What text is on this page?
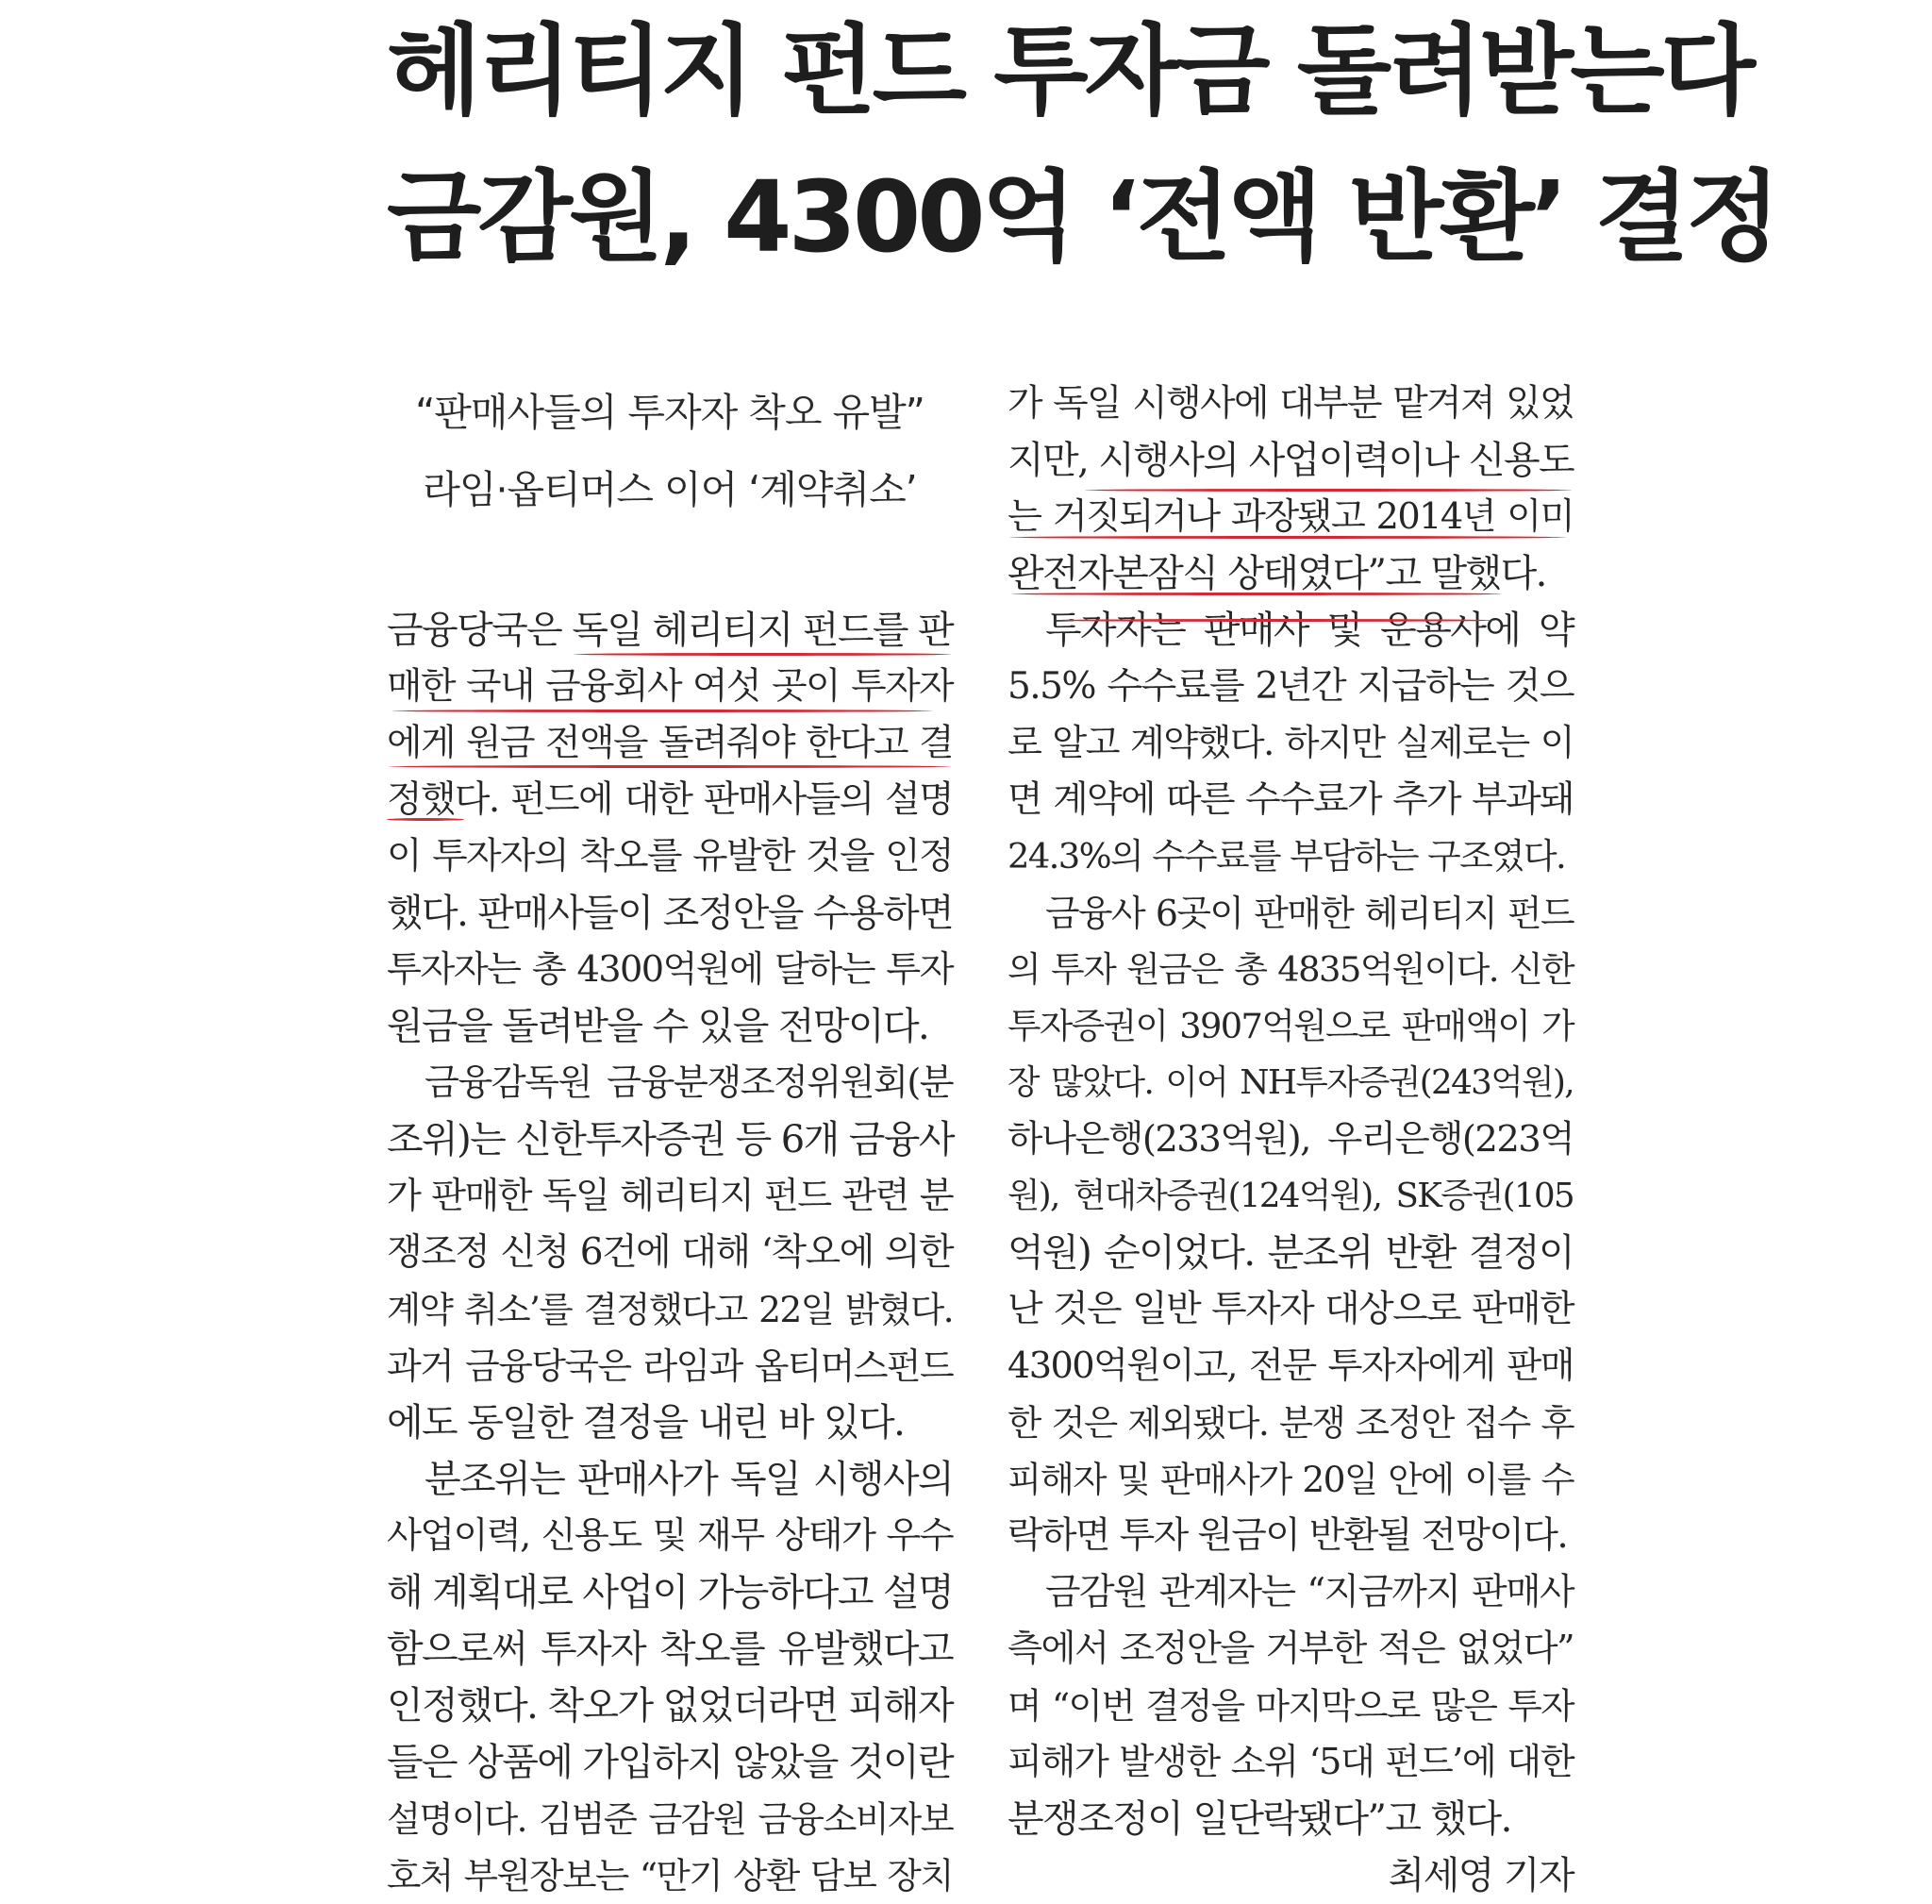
헤리티지 펀드 투자금 돌려받는다
금감원, 4300억 ‘전액 반환’ 결정
“판매사들의 투자자 착오 유발”
라임·옵티머스 이어 ‘계약취소’
금융당국은 독일 헤리티지 펀드를 판
매한 국내 금융회사 여섯 곳이 투자자
에게 원금 전액을 돌려줘야 한다고 결
정했다. 펀드에 대한 판매사들의 설명
이 투자자의 착오를 유발한 것을 인정
했다. 판매사들이 조정안을 수용하면
투자자는 총 4300억원에 달하는 투자
원금을 돌려받을 수 있을 전망이다.
금융감독원 금융분쟁조정위원회(분
조위)는 신한투자증권 등 6개 금융사
가 판매한 독일 헤리티지 펀드 관련 분
쟁조정 신청 6건에 대해 ‘착오에 의한
계약 취소’를 결정했다고 22일 밝혔다.
과거 금융당국은 라임과 옵티머스펀드
에도 동일한 결정을 내린 바 있다.
분조위는 판매사가 독일 시행사의
사업이력, 신용도 및 재무 상태가 우수
해 계획대로 사업이 가능하다고 설명
함으로써 투자자 착오를 유발했다고
인정했다. 착오가 없었더라면 피해자
들은 상품에 가입하지 않았을 것이란
설명이다. 김범준 금감원 금융소비자보
호처 부원장보는 “만기 상환 담보 장치
가 독일 시행사에 대부분 맡겨져 있었
지만, 시행사의 사업이력이나 신용도
는 거짓되거나 과장됐고 2014년 이미
완전자본잠식 상태였다”고 말했다.
투자자는 판매사 및 운용사에 약
5.5% 수수료를 2년간 지급하는 것으
로 알고 계약했다. 하지만 실제로는 이
면 계약에 따른 수수료가 추가 부과돼
24.3%의 수수료를 부담하는 구조였다.
금융사 6곳이 판매한 헤리티지 펀드
의 투자 원금은 총 4835억원이다. 신한
투자증권이 3907억원으로 판매액이 가
장 많았다. 이어 NH투자증권(243억원),
하나은행(233억원), 우리은행(223억
원), 현대차증권(124억원), SK증권(105
억원) 순이었다. 분조위 반환 결정이
난 것은 일반 투자자 대상으로 판매한
4300억원이고, 전문 투자자에게 판매
한 것은 제외됐다. 분쟁 조정안 접수 후
피해자 및 판매사가 20일 안에 이를 수
락하면 투자 원금이 반환될 전망이다.
금감원 관계자는 “지금까지 판매사
측에서 조정안을 거부한 적은 없었다”
며 “이번 결정을 마지막으로 많은 투자
피해가 발생한 소위 ‘5대 펀드’에 대한
분쟁조정이 일단락됐다”고 했다.
최세영 기자
